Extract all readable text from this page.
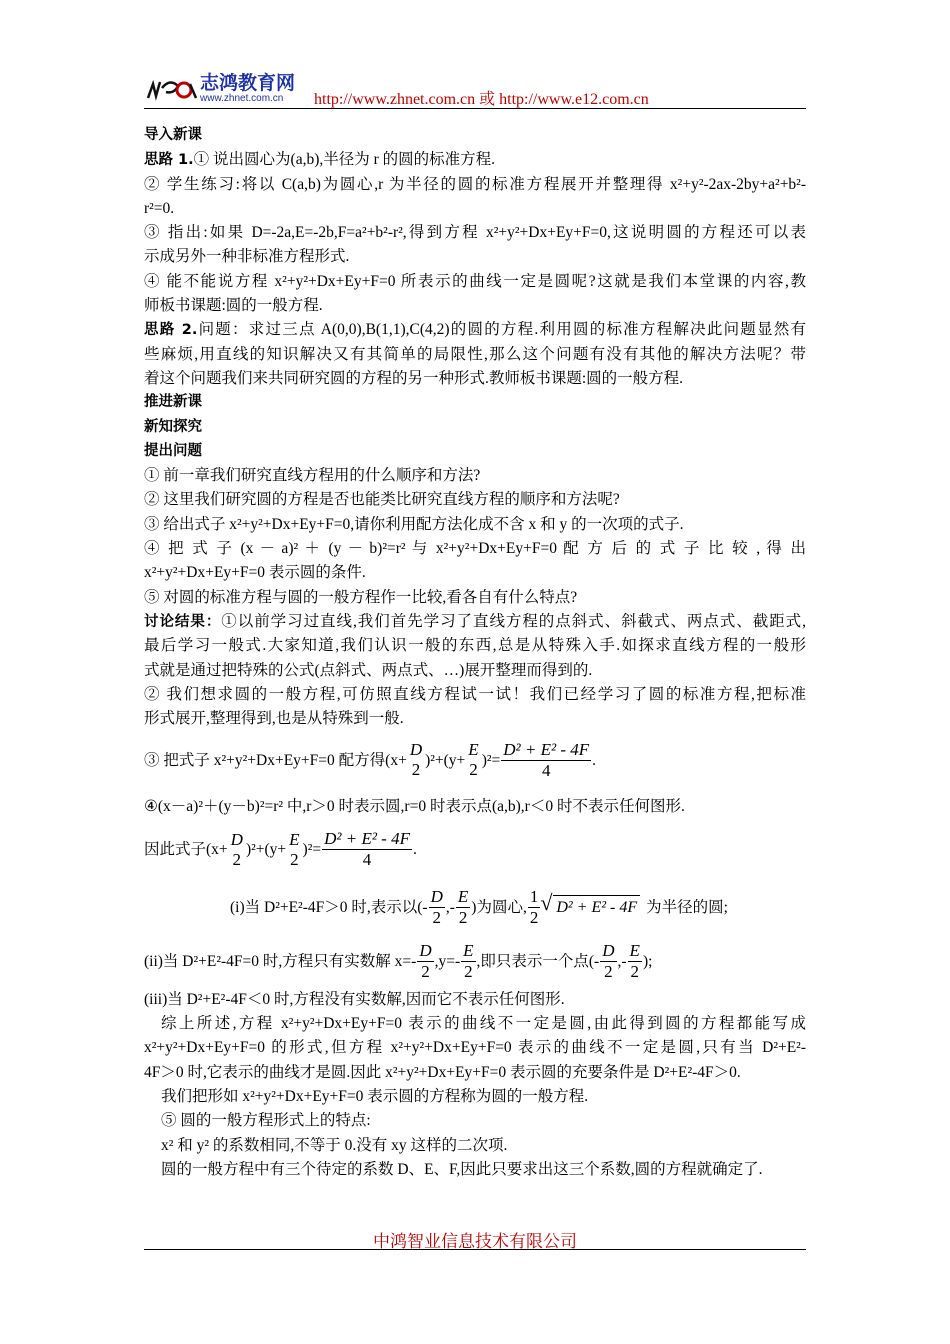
志鸿教育网
www.zhnet.com.cn http://www.zhnet.com.cn 或 http://www.e12.com.cn
导入新课
思路 1.① 说出圆心为(a,b),半径为 r 的圆的标准方程.
② 学生练习:将以 C(a,b)为圆心,r 为半径的圆的标准方程展开并整理得 x²+y²-2ax-2by+a²+b²-
r²=0.
③ 指出:如果 D=-2a,E=-2b,F=a²+b²-r²,得到方程 x²+y²+Dx+Ey+F=0,这说明圆的方程还可以表
示成另外一种非标准方程形式.
④ 能不能说方程 x²+y²+Dx+Ey+F=0 所表示的曲线一定是圆呢?这就是我们本堂课的内容,教
师板书课题:圆的一般方程.
思路 2.问题：求过三点 A(0,0),B(1,1),C(4,2)的圆的方程.利用圆的标准方程解决此问题显然有
些麻烦,用直线的知识解决又有其简单的局限性,那么这个问题有没有其他的解决方法呢？带
着这个问题我们来共同研究圆的方程的另一种形式.教师板书课题:圆的一般方程.
推进新课
新知探究
提出问题
① 前一章我们研究直线方程用的什么顺序和方法?
② 这里我们研究圆的方程是否也能类比研究直线方程的顺序和方法呢?
③ 给出式子 x²+y²+Dx+Ey+F=0,请你利用配方法化成不含 x 和 y 的一次项的式子.
④ 把 式 子 (x － a)² ＋ (y － b)²=r² 与 x²+y²+Dx+Ey+F=0 配 方 后 的 式 子 比 较 , 得 出
x²+y²+Dx+Ey+F=0 表示圆的条件.
⑤ 对圆的标准方程与圆的一般方程作一比较,看各自有什么特点?
讨论结果：①以前学习过直线,我们首先学习了直线方程的点斜式、斜截式、两点式、截距式,
最后学习一般式.大家知道,我们认识一般的东西,总是从特殊入手.如探求直线方程的一般形
式就是通过把特殊的公式(点斜式、两点式、…)展开整理而得到的.
② 我们想求圆的一般方程,可仿照直线方程试一试！我们已经学习了圆的标准方程,把标准
形式展开,整理得到,也是从特殊到一般.
③ 把式子 x²+y²+Dx+Ey+F=0 配方得(x+
D
2
)²+(y+
E
2
)$^2= \frac{\text{D² + E² - 4F}}{4}$ .
④(x－a)²＋(y－b)²=r² 中,r＞0 时表示圆,r=0 时表示点(a,b),r＜0 时不表示任何图形.
因此式子(x+
D
2
)²+(y+
E
2
)$^2= \frac{\text{D² + E² - 4F}}{4}$ .
(i)当 D²+E²-4F＞0 时,表示以(- $\frac{D}{2}$ ,- $\frac{E}{2}$ )为圆心, $\frac{1}{2}$
√ D² + E² - 4F 为半径的圆;
(ii)当 D²+E²-4F=0 时,方程只有实数解 $x=- \frac{D}{2} ,y=- \frac{E}{2}$ ,即只表示一个点(- $\frac{D}{2}$ ,- $\frac{E}{2}$ );
(iii)当 D²+E²-4F＜0 时,方程没有实数解,因而它不表示任何图形.
综上所述,方程 x²+y²+Dx+Ey+F=0 表示的曲线不一定是圆,由此得到圆的方程都能写成
x²+y²+Dx+Ey+F=0 的形式,但方程 x²+y²+Dx+Ey+F=0 表示的曲线不一定是圆,只有当 D²+E²-
4F＞0 时,它表示的曲线才是圆.因此 x²+y²+Dx+Ey+F=0 表示圆的充要条件是 D²+E²-4F＞0.
我们把形如 x²+y²+Dx+Ey+F=0 表示圆的方程称为圆的一般方程.
⑤ 圆的一般方程形式上的特点:
x² 和 y² 的系数相同,不等于 0.没有 xy 这样的二次项.
圆的一般方程中有三个待定的系数 D、E、F,因此只要求出这三个系数,圆的方程就确定了.
中鸿智业信息技术有限公司
